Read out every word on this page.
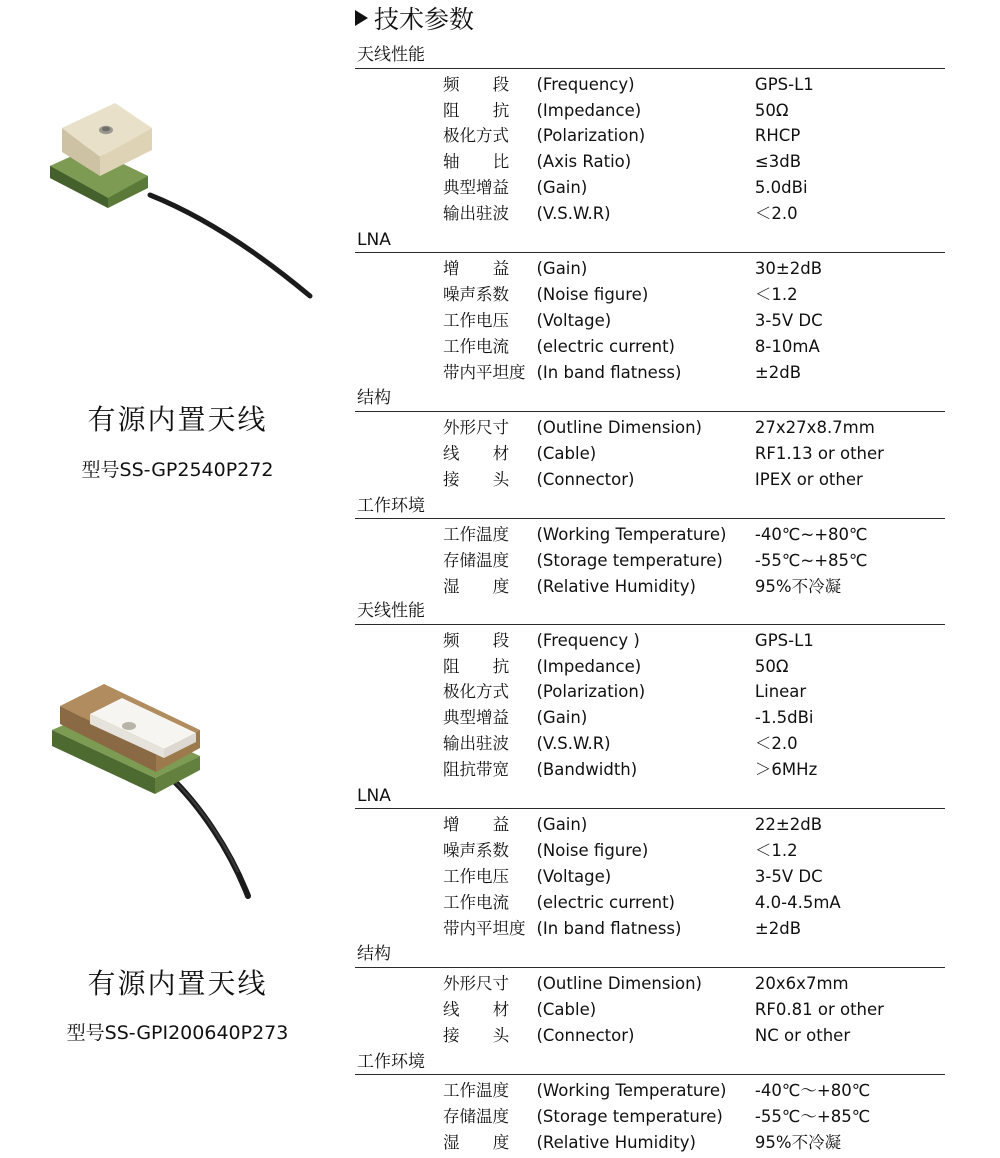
有源内置天线
型号SS-GP2540P272
技术参数
天线性能
频 段	(Frequency)	GPS-L1
阻 抗	(Impedance)	50Ω
极化方式	(Polarization)	RHCP
轴 比	(Axis Ratio)	≤3dB
典型增益	(Gain)	5.0dBi
输出驻波	(V.S.W.R)	＜2.0
LNA
增 益	(Gain)	30±2dB
噪声系数	(Noise figure)	＜1.2
工作电压	(Voltage)	3-5V DC
工作电流	(electric current)	8-10mA
带内平坦度	(In band flatness)	±2dB
结构
外形尺寸	(Outline Dimension)	27x27x8.7mm
线 材	(Cable)	RF1.13 or other
接 头	(Connector)	IPEX or other
工作环境
工作温度	(Working Temperature)	-40℃~+80℃
存储温度	(Storage temperature)	-55℃~+85℃
湿 度	(Relative Humidity)	95%不冷凝
有源内置天线
型号SS-GPI200640P273
天线性能
频 段	(Frequency )	GPS-L1
阻 抗	(Impedance)	50Ω
极化方式	(Polarization)	Linear
典型增益	(Gain)	-1.5dBi
输出驻波	(V.S.W.R)	＜2.0
阻抗带宽	(Bandwidth)	＞6MHz
LNA
增 益	(Gain)	22±2dB
噪声系数	(Noise figure)	＜1.2
工作电压	(Voltage)	3-5V DC
工作电流	(electric current)	4.0-4.5mA
带内平坦度	(In band flatness)	±2dB
结构
外形尺寸	(Outline Dimension)	20x6x7mm
线 材	(Cable)	RF0.81 or other
接 头	(Connector)	NC or other
工作环境
工作温度	(Working Temperature)	-40℃～+80℃
存储温度	(Storage temperature)	-55℃～+85℃
湿 度	(Relative Humidity)	95%不冷凝
